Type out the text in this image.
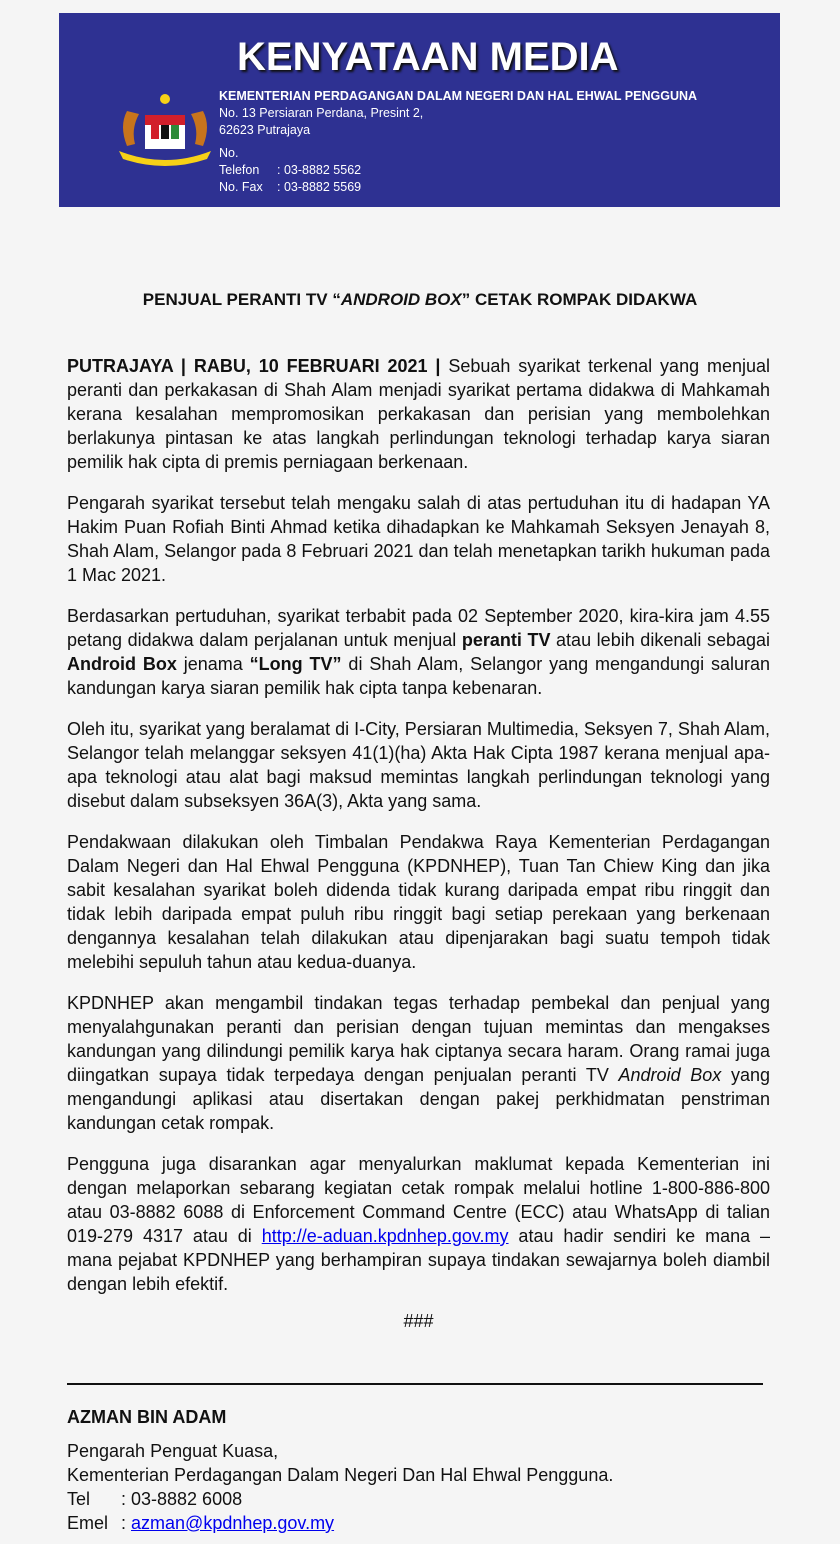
KENYATAAN MEDIA
KEMENTERIAN PERDAGANGAN DALAM NEGERI DAN HAL EHWAL PENGGUNA
No. 13 Persiaran Perdana, Presint 2,
62623 Putrajaya
No. Telefon : 03-8882 5562
No. Fax : 03-8882 5569
PENJUAL PERANTI TV “ANDROID BOX” CETAK ROMPAK DIDAKWA

PUTRAJAYA | RABU, 10 FEBRUARI 2021 | Sebuah syarikat terkenal yang menjual peranti dan perkakasan di Shah Alam menjadi syarikat pertama didakwa di Mahkamah kerana kesalahan mempromosikan perkakasan dan perisian yang membolehkan berlakunya pintasan ke atas langkah perlindungan teknologi terhadap karya siaran pemilik hak cipta di premis perniagaan berkenaan.

Pengarah syarikat tersebut telah mengaku salah di atas pertuduhan itu di hadapan YA Hakim Puan Rofiah Binti Ahmad ketika dihadapkan ke Mahkamah Seksyen Jenayah 8, Shah Alam, Selangor pada 8 Februari 2021 dan telah menetapkan tarikh hukuman pada 1 Mac 2021.

Berdasarkan pertuduhan, syarikat terbabit pada 02 September 2020, kira-kira jam 4.55 petang didakwa dalam perjalanan untuk menjual peranti TV atau lebih dikenali sebagai Android Box jenama “Long TV” di Shah Alam, Selangor yang mengandungi saluran kandungan karya siaran pemilik hak cipta tanpa kebenaran.

Oleh itu, syarikat yang beralamat di I-City, Persiaran Multimedia, Seksyen 7, Shah Alam, Selangor telah melanggar seksyen 41(1)(ha) Akta Hak Cipta 1987 kerana menjual apa-apa teknologi atau alat bagi maksud memintas langkah perlindungan teknologi yang disebut dalam subseksyen 36A(3), Akta yang sama.

Pendakwaan dilakukan oleh Timbalan Pendakwa Raya Kementerian Perdagangan Dalam Negeri dan Hal Ehwal Pengguna (KPDNHEP), Tuan Tan Chiew King dan jika sabit kesalahan syarikat boleh didenda tidak kurang daripada empat ribu ringgit dan tidak lebih daripada empat puluh ribu ringgit bagi setiap perekaan yang berkenaan dengannya kesalahan telah dilakukan atau dipenjarakan bagi suatu tempoh tidak melebihi sepuluh tahun atau kedua-duanya.

KPDNHEP akan mengambil tindakan tegas terhadap pembekal dan penjual yang menyalahgunakan peranti dan perisian dengan tujuan memintas dan mengakses kandungan yang dilindungi pemilik karya hak ciptanya secara haram. Orang ramai juga diingatkan supaya tidak terpedaya dengan penjualan peranti TV Android Box yang mengandungi aplikasi atau disertakan dengan pakej perkhidmatan penstriman kandungan cetak rompak.

Pengguna juga disarankan agar menyalurkan maklumat kepada Kementerian ini dengan melaporkan sebarang kegiatan cetak rompak melalui hotline 1-800-886-800 atau 03-8882 6088 di Enforcement Command Centre (ECC) atau WhatsApp di talian 019-279 4317 atau di http://e-aduan.kpdnhep.gov.my atau hadir sendiri ke mana – mana pejabat KPDNHEP yang berhampiran supaya tindakan sewajarnya boleh diambil dengan lebih efektif.

###
AZMAN BIN ADAM
Pengarah Penguat Kuasa,
Kementerian Perdagangan Dalam Negeri Dan Hal Ehwal Pengguna.
Tel : 03-8882 6008
Emel : azman@kpdnhep.gov.my
